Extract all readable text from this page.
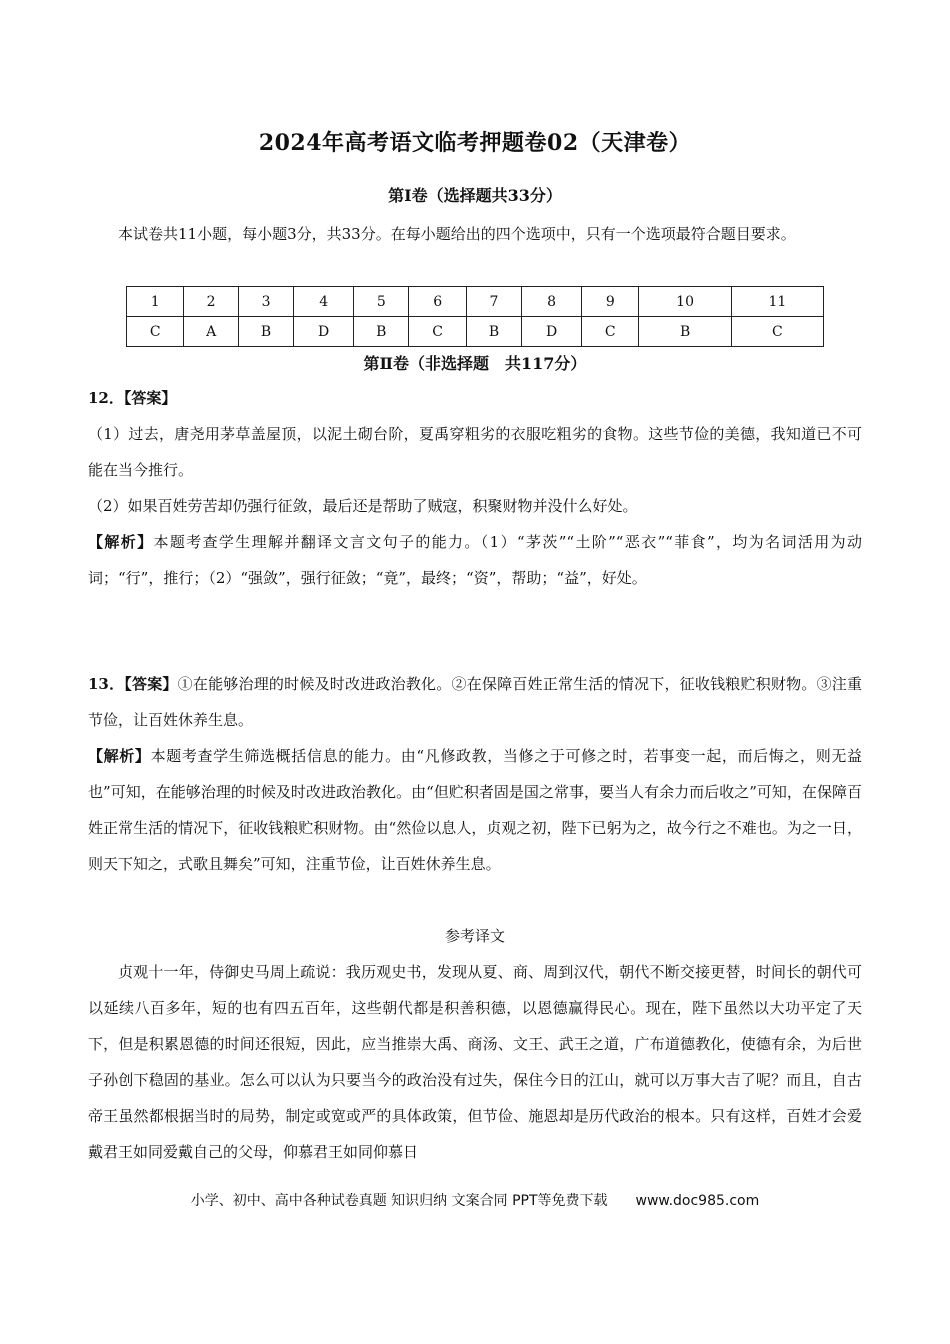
2024年高考语文临考押题卷02（天津卷）
第Ⅰ卷（选择题共33分）
本试卷共11小题，每小题3分，共33分。在每小题给出的四个选项中，只有一个选项最符合题目要求。
1	2	3	4	5	6	7	8	9	10	11
C	A	B	D	B	C	B	D	C	B	C
第Ⅱ卷（非选择题　共117分）
12．【答案】
（1）过去，唐尧用茅草盖屋顶，以泥土砌台阶，夏禹穿粗劣的衣服吃粗劣的食物。这些节俭的美德，我知道已不可能在当今推行。
（2）如果百姓劳苦却仍强行征敛，最后还是帮助了贼寇，积聚财物并没什么好处。
【解析】本题考查学生理解并翻译文言文句子的能力。（1）“茅茨”“土阶”“恶衣”“菲食”，均为名词活用为动词；“行”，推行；（2）“强敛”，强行征敛；“竟”，最终；“资”，帮助；“益”，好处。
13．【答案】①在能够治理的时候及时改进政治教化。②在保障百姓正常生活的情况下，征收钱粮贮积财物。③注重节俭，让百姓休养生息。
【解析】本题考查学生筛选概括信息的能力。由“凡修政教，当修之于可修之时，若事变一起，而后悔之，则无益也”可知，在能够治理的时候及时改进政治教化。由“但贮积者固是国之常事，要当人有余力而后收之”可知，在保障百姓正常生活的情况下，征收钱粮贮积财物。由“然俭以息人，贞观之初，陛下已躬为之，故今行之不难也。为之一日，则天下知之，式歌且舞矣”可知，注重节俭，让百姓休养生息。
参考译文
贞观十一年，侍御史马周上疏说：我历观史书，发现从夏、商、周到汉代，朝代不断交接更替，时间长的朝代可以延续八百多年，短的也有四五百年，这些朝代都是积善积德，以恩德赢得民心。现在，陛下虽然以大功平定了天下，但是积累恩德的时间还很短，因此，应当推崇大禹、商汤、文王、武王之道，广布道德教化，使德有余，为后世子孙创下稳固的基业。怎么可以认为只要当今的政治没有过失，保住今日的江山，就可以万事大吉了呢？而且，自古帝王虽然都根据当时的局势，制定或宽或严的具体政策，但节俭、施恩却是历代政治的根本。只有这样，百姓才会爱戴君王如同爱戴自己的父母，仰慕君王如同仰慕日
小学、初中、高中各种试卷真题 知识归纳 文案合同 PPT等免费下载 www.doc985.com
